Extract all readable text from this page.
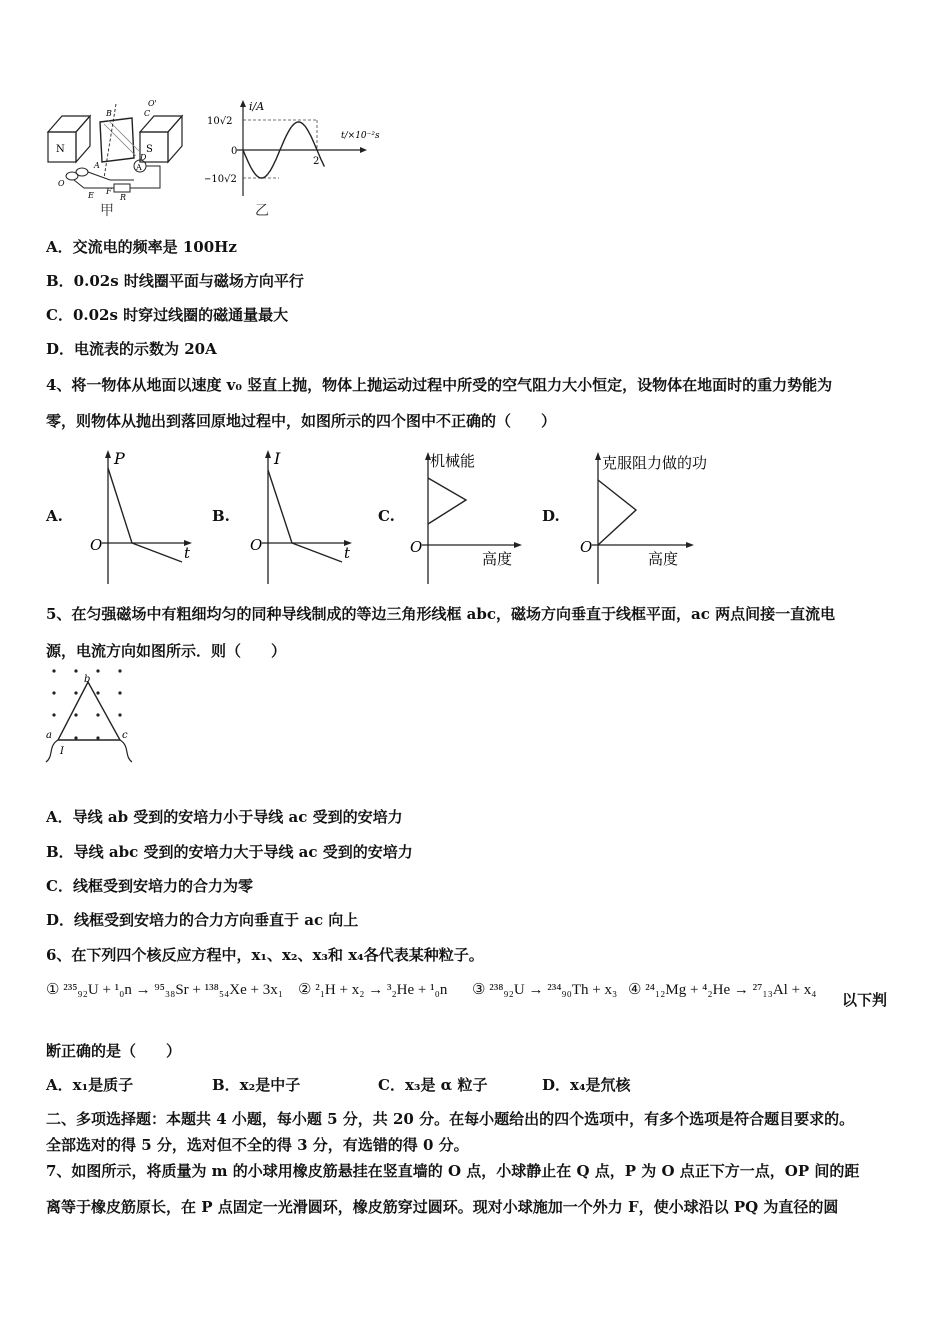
N	S
B	C
D
A
O'
O
A
F
E	R
甲
i/A
t/×10⁻²s
10√2
0
−10√2
2
乙
A．交流电的频率是 100Hz
B．0.02s 时线圈平面与磁场方向平行
C．0.02s 时穿过线圈的磁通量最大
D．电流表的示数为 20A
4、将一物体从地面以速度 v₀ 竖直上抛，物体上抛运动过程中所受的空气阻力大小恒定，设物体在地面时的重力势能为
零，则物体从抛出到落回原地过程中，如图所示的四个图中不正确的（　　）
A.
P
t
O
B.
I
t
O
C.
机械能
高度
O
D.
克服阻力做的功
高度
O
5、在匀强磁场中有粗细均匀的同种导线制成的等边三角形线框 abc，磁场方向垂直于线框平面，ac 两点间接一直流电
源，电流方向如图所示．则（　　）
b
a	c
I
A．导线 ab 受到的安培力小于导线 ac 受到的安培力
B．导线 abc 受到的安培力大于导线 ac 受到的安培力
C．线框受到安培力的合力为零
D．线框受到安培力的合力方向垂直于 ac 向上
6、在下列四个核反应方程中，x₁、x₂、x₃和 x₄各代表某种粒子。
① ²³⁵₉₂U + ¹₀n → ⁹⁵₃₈Sr + ¹³⁸₅₄Xe + 3x₁ ② ²₁H + x₂ → ³₂He + ¹₀n ③ ²³⁸₉₂U → ²³⁴₉₀Th + x₃ ④ ²⁴₁₂Mg + ⁴₂He → ²⁷₁₃Al + x₄
以下判
断正确的是（　　）
A．x₁是质子	B．x₂是中子	C．x₃是 α 粒子	D．x₄是氘核
二、多项选择题：本题共 4 小题，每小题 5 分，共 20 分。在每小题给出的四个选项中，有多个选项是符合题目要求的。
全部选对的得 5 分，选对但不全的得 3 分，有选错的得 0 分。
7、如图所示，将质量为 m 的小球用橡皮筋悬挂在竖直墙的 O 点，小球静止在 Q 点，P 为 O 点正下方一点，OP 间的距
离等于橡皮筋原长，在 P 点固定一光滑圆环，橡皮筋穿过圆环。现对小球施加一个外力 F，使小球沿以 PQ 为直径的圆
